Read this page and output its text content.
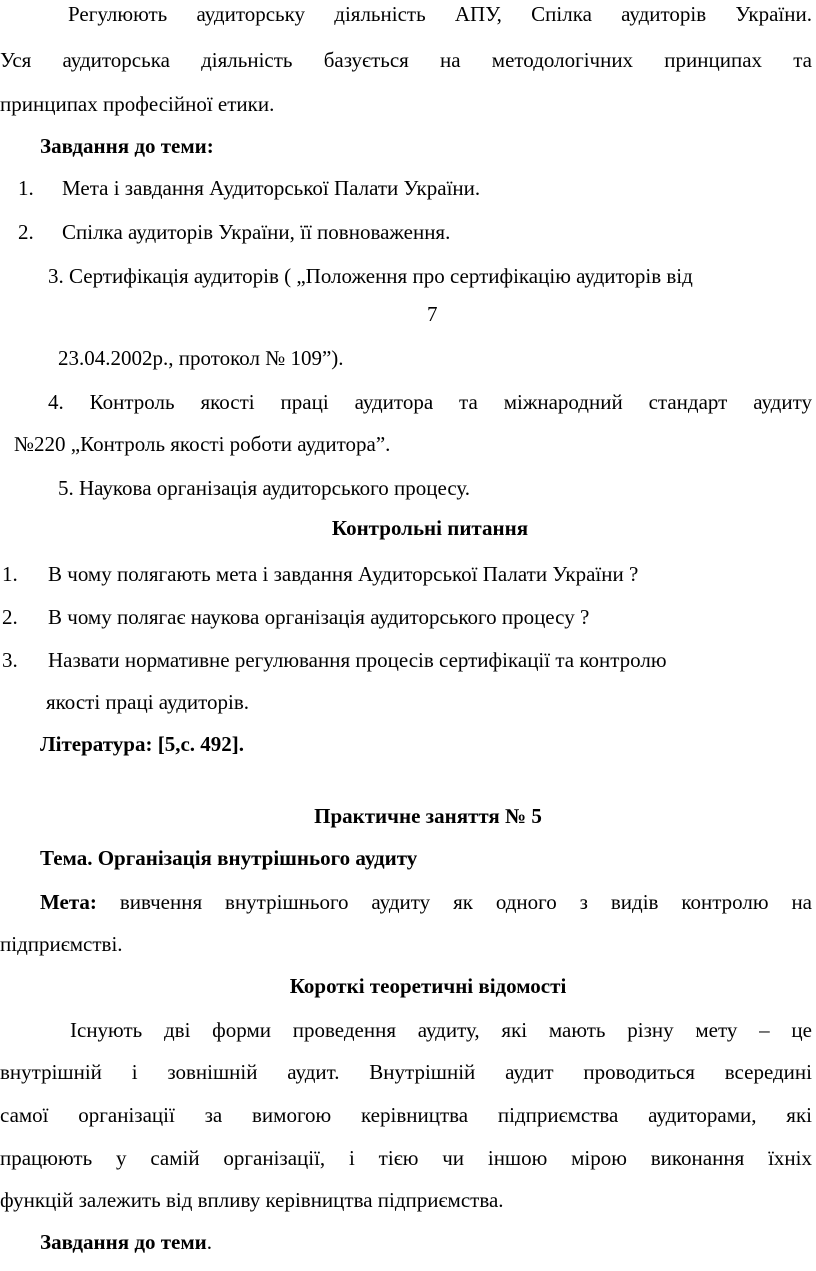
Регулюють аудиторську діяльність АПУ, Спілка аудиторів України.
Уся аудиторська діяльність базується на методологічних принципах та
принципах професійної етики.
Завдання до теми:
1. Мета і завдання Аудиторської Палати України.
2. Спілка аудиторів України, її повноваження.
3. Сертифікація аудиторів ( „Положення про сертифікацію аудиторів від
7
23.04.2002р., протокол № 109”).
4. Контроль якості праці аудитора та міжнародний стандарт аудиту
№220 „Контроль якості роботи аудитора”.
5. Наукова організація аудиторського процесу.
Контрольні питання
1. В чому полягають мета і завдання Аудиторської Палати України ?
2. В чому полягає наукова організація аудиторського процесу ?
3. Назвати нормативне регулювання процесів сертифікації та контролю
якості праці аудиторів.
Література: [5,с. 492].
Практичне заняття № 5
Тема. Організація внутрішнього аудиту
Мета: вивчення внутрішнього аудиту як одного з видів контролю на
підприємстві.
Короткі теоретичні відомості
Існують дві форми проведення аудиту, які мають різну мету – це
внутрішній і зовнішній аудит. Внутрішній аудит проводиться всередині
самої організації за вимогою керівництва підприємства аудиторами, які
працюють у самій організації, і тією чи іншою мірою виконання їхніх
функцій залежить від впливу керівництва підприємства.
Завдання до теми.
